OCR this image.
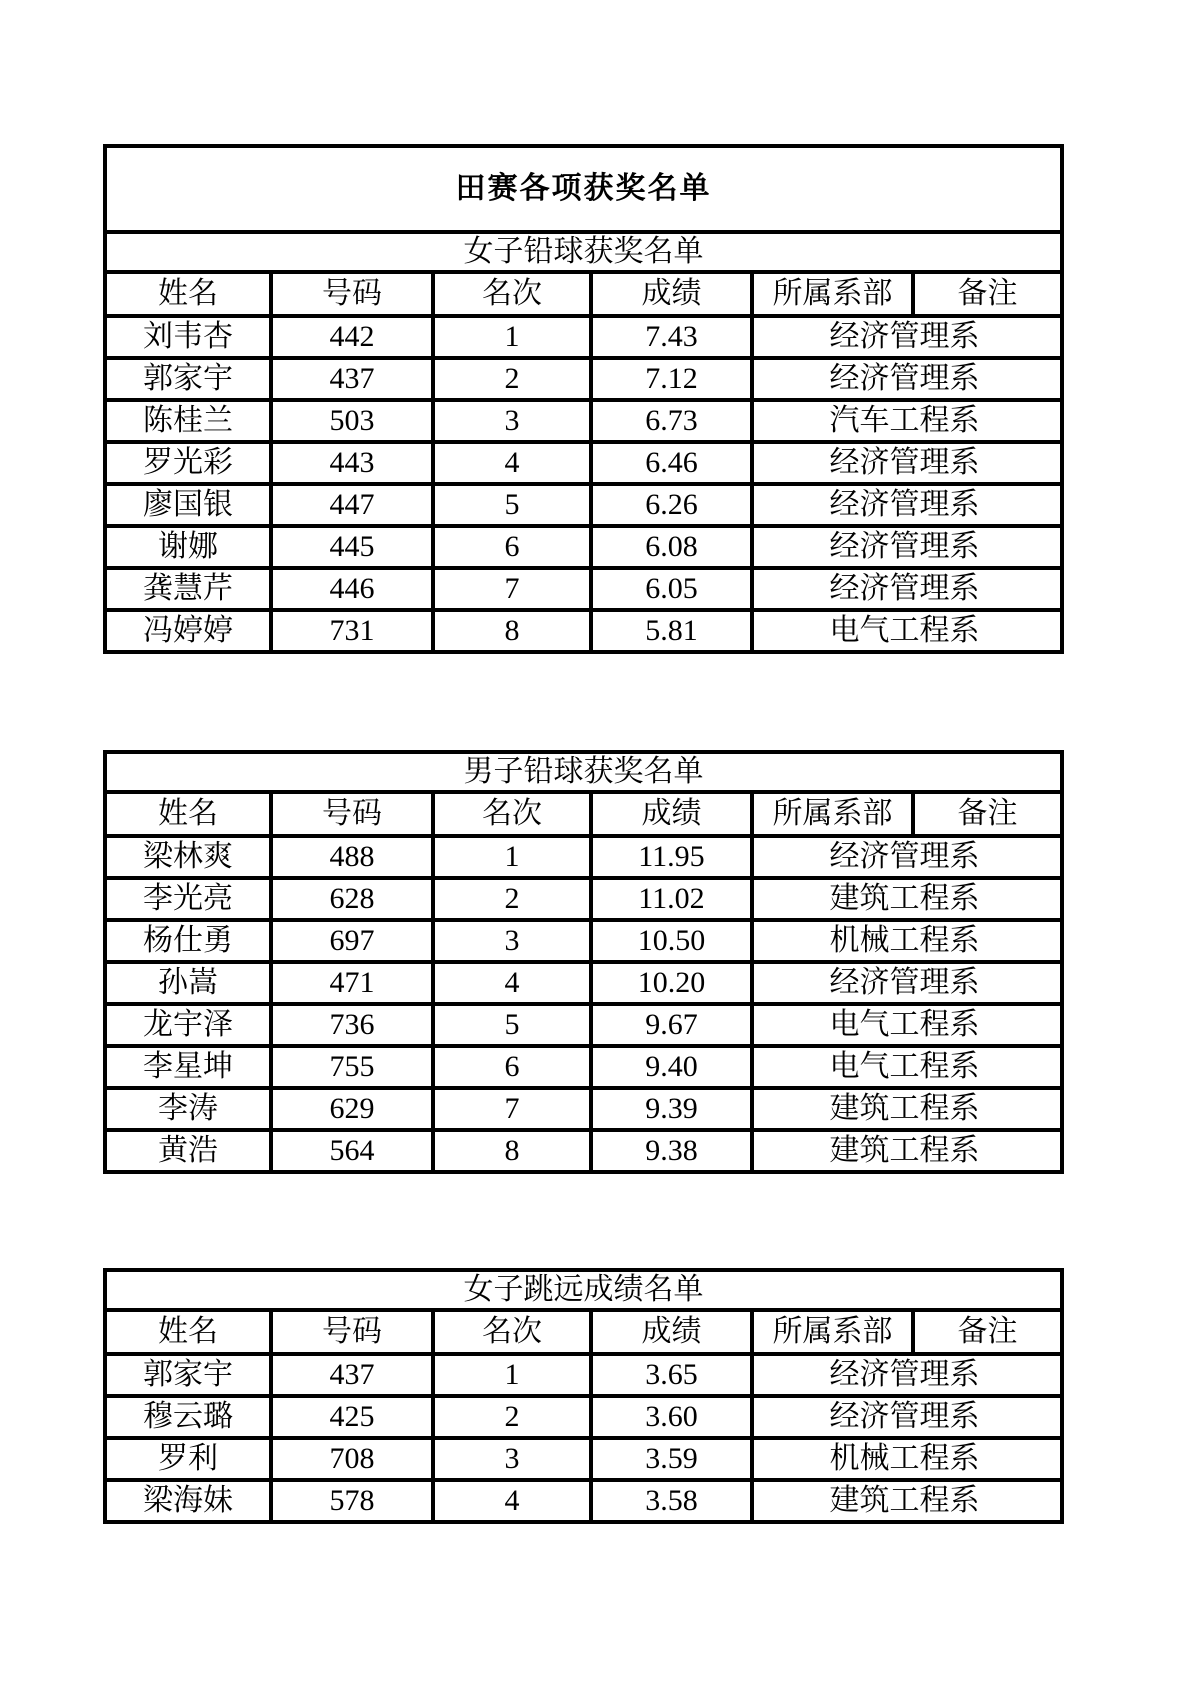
田赛各项获奖名单					
女子铅球获奖名单					
姓名	号码	名次	成绩	所属系部	备注
刘韦杏	442	1	7.43	经济管理系	
郭家宇	437	2	7.12	经济管理系	
陈桂兰	503	3	6.73	汽车工程系	
罗光彩	443	4	6.46	经济管理系	
廖国银	447	5	6.26	经济管理系	
谢娜	445	6	6.08	经济管理系	
龚慧芹	446	7	6.05	经济管理系	
冯婷婷	731	8	5.81	电气工程系	
男子铅球获奖名单					
姓名	号码	名次	成绩	所属系部	备注
梁林爽	488	1	11.95	经济管理系	
李光亮	628	2	11.02	建筑工程系	
杨仕勇	697	3	10.50	机械工程系	
孙嵩	471	4	10.20	经济管理系	
龙宇泽	736	5	9.67	电气工程系	
李星坤	755	6	9.40	电气工程系	
李涛	629	7	9.39	建筑工程系	
黄浩	564	8	9.38	建筑工程系	
女子跳远成绩名单					
姓名	号码	名次	成绩	所属系部	备注
郭家宇	437	1	3.65	经济管理系	
穆云璐	425	2	3.60	经济管理系	
罗利	708	3	3.59	机械工程系	
梁海妹	578	4	3.58	建筑工程系	
